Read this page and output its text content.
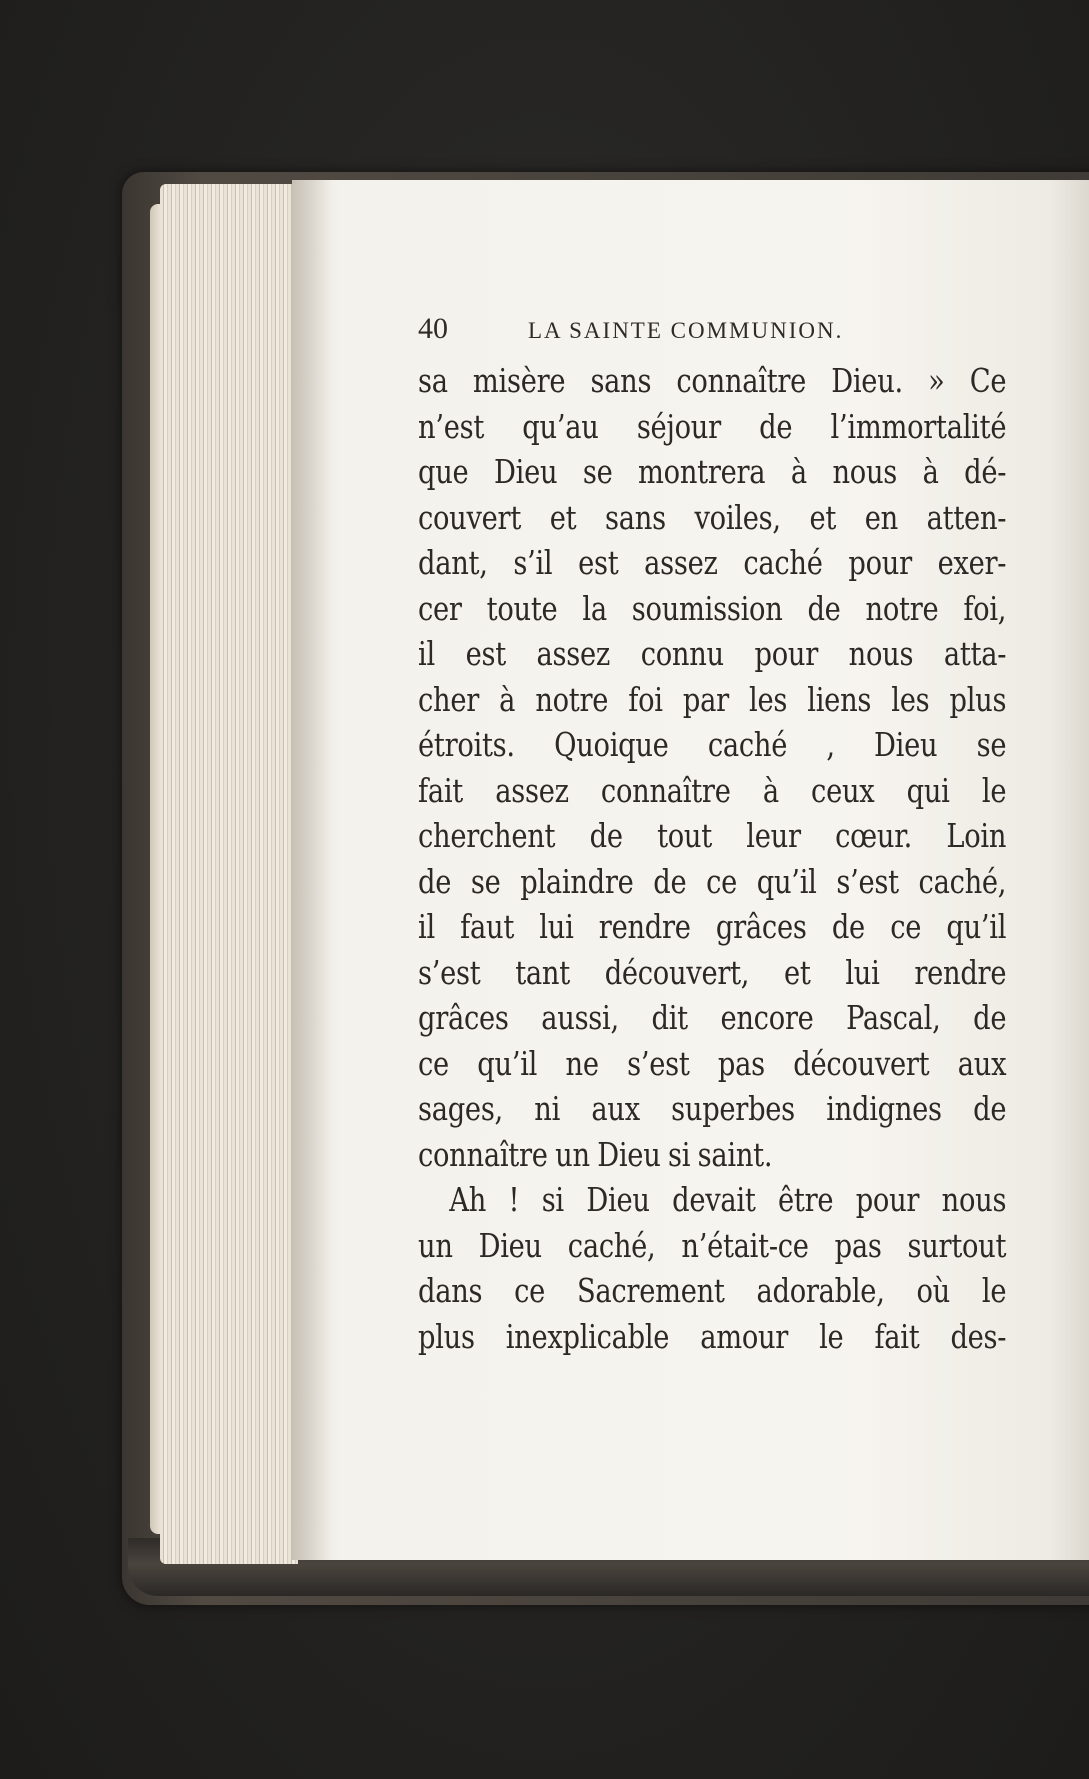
40	LA SAINTE COMMUNION.
sa misère sans connaître Dieu. » Ce
n’est qu’au séjour de l’immortalité
que Dieu se montrera à nous à dé-
couvert et sans voiles, et en atten-
dant, s’il est assez caché pour exer-
cer toute la soumission de notre foi,
il est assez connu pour nous atta-
cher à notre foi par les liens les plus
étroits. Quoique caché , Dieu se
fait assez connaître à ceux qui le
cherchent de tout leur cœur. Loin
de se plaindre de ce qu’il s’est caché,
il faut lui rendre grâces de ce qu’il
s’est tant découvert, et lui rendre
grâces aussi, dit encore Pascal, de
ce qu’il ne s’est pas découvert aux
sages, ni aux superbes indignes de
connaître un Dieu si saint.
Ah ! si Dieu devait être pour nous
un Dieu caché, n’était-ce pas surtout
dans ce Sacrement adorable, où le
plus inexplicable amour le fait des-
